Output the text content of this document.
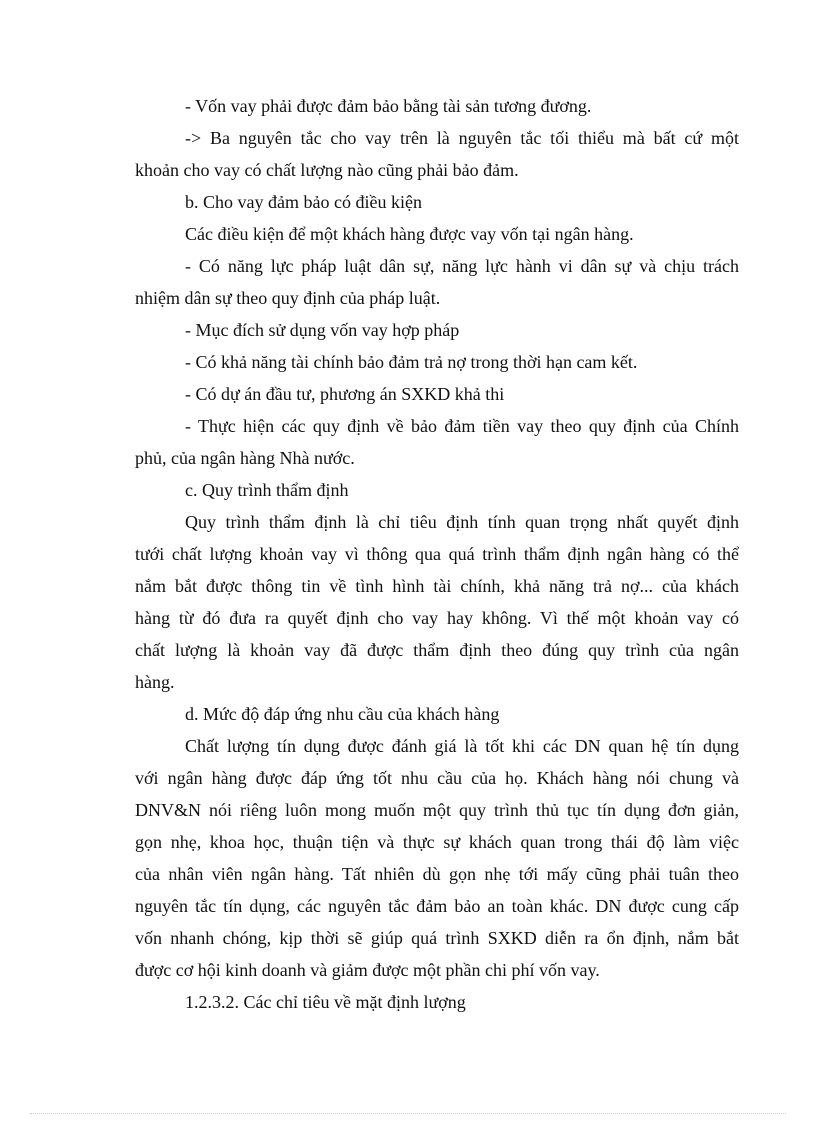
- Vốn vay phải được đảm bảo bằng tài sản tương đương.
-> Ba nguyên tắc cho vay trên là nguyên tắc tối thiểu mà bất cứ một
khoản cho vay có chất lượng nào cũng phải bảo đảm.
b. Cho vay đảm bảo có điều kiện
Các điều kiện để một khách hàng được vay vốn tại ngân hàng.
- Có năng lực pháp luật dân sự, năng lực hành vi dân sự và chịu trách
nhiệm dân sự theo quy định của pháp luật.
- Mục đích sử dụng vốn vay hợp pháp
- Có khả năng tài chính bảo đảm trả nợ trong thời hạn cam kết.
- Có dự án đầu tư, phương án SXKD khả thi
- Thực hiện các quy định về bảo đảm tiền vay theo quy định của Chính
phủ, của ngân hàng Nhà nước.
c. Quy trình thẩm định
Quy trình thẩm định là chỉ tiêu định tính quan trọng nhất quyết định
tưới chất lượng khoản vay vì thông qua quá trình thẩm định ngân hàng có thể
nắm bắt được thông tin về tình hình tài chính, khả năng trả nợ... của khách
hàng từ đó đưa ra quyết định cho vay hay không. Vì thế một khoản vay có
chất lượng là khoản vay đã được thẩm định theo đúng quy trình của ngân
hàng.
d. Mức độ đáp ứng nhu cầu của khách hàng
Chất lượng tín dụng được đánh giá là tốt khi các DN quan hệ tín dụng
với ngân hàng được đáp ứng tốt nhu cầu của họ. Khách hàng nói chung và
DNV&N nói riêng luôn mong muốn một quy trình thủ tục tín dụng đơn giản,
gọn nhẹ, khoa học, thuận tiện và thực sự khách quan trong thái độ làm việc
của nhân viên ngân hàng. Tất nhiên dù gọn nhẹ tới mấy cũng phải tuân theo
nguyên tắc tín dụng, các nguyên tắc đảm bảo an toàn khác. DN được cung cấp
vốn nhanh chóng, kịp thời sẽ giúp quá trình SXKD diễn ra ổn định, nắm bắt
được cơ hội kinh doanh và giảm được một phần chi phí vốn vay.
1.2.3.2. Các chỉ tiêu về mặt định lượng
